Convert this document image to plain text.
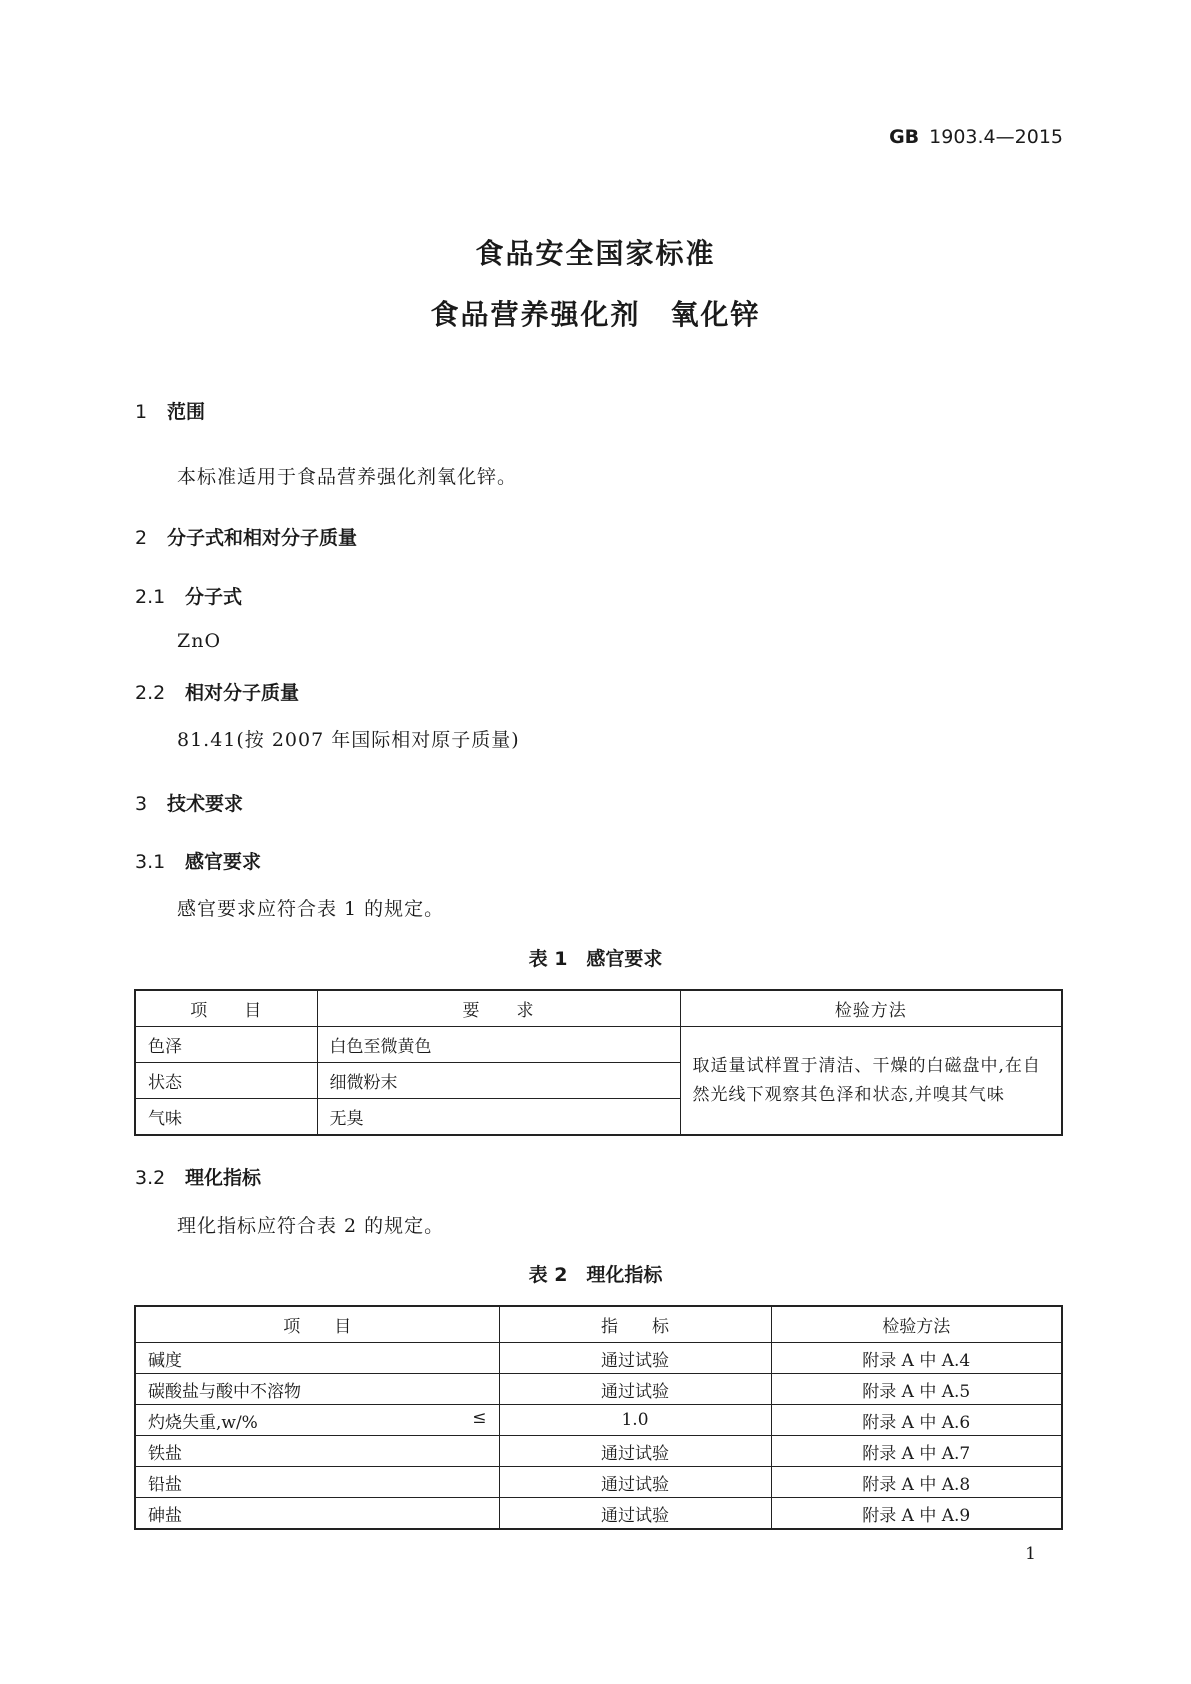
GB 1903.4—2015
食品安全国家标准
食品营养强化剂　氧化锌
1 范围
本标准适用于食品营养强化剂氧化锌。
2 分子式和相对分子质量
2.1 分子式
ZnO
2.2 相对分子质量
81.41(按 2007 年国际相对原子质量)
3 技术要求
3.1 感官要求
感官要求应符合表 1 的规定。
表 1　感官要求
项　　目	要　　求	检验方法
色泽	白色至微黄色	取适量试样置于清洁、干燥的白磁盘中,在自然光线下观察其色泽和状态,并嗅其气味
状态	细微粉末	
气味	无臭	
3.2 理化指标
理化指标应符合表 2 的规定。
表 2　理化指标
项　　目	指　　标	检验方法
碱度	通过试验	附录 A 中 A.4
碳酸盐与酸中不溶物	通过试验	附录 A 中 A.5
灼烧失重,w/% ≤	1.0	附录 A 中 A.6
铁盐	通过试验	附录 A 中 A.7
铅盐	通过试验	附录 A 中 A.8
砷盐	通过试验	附录 A 中 A.9
1
